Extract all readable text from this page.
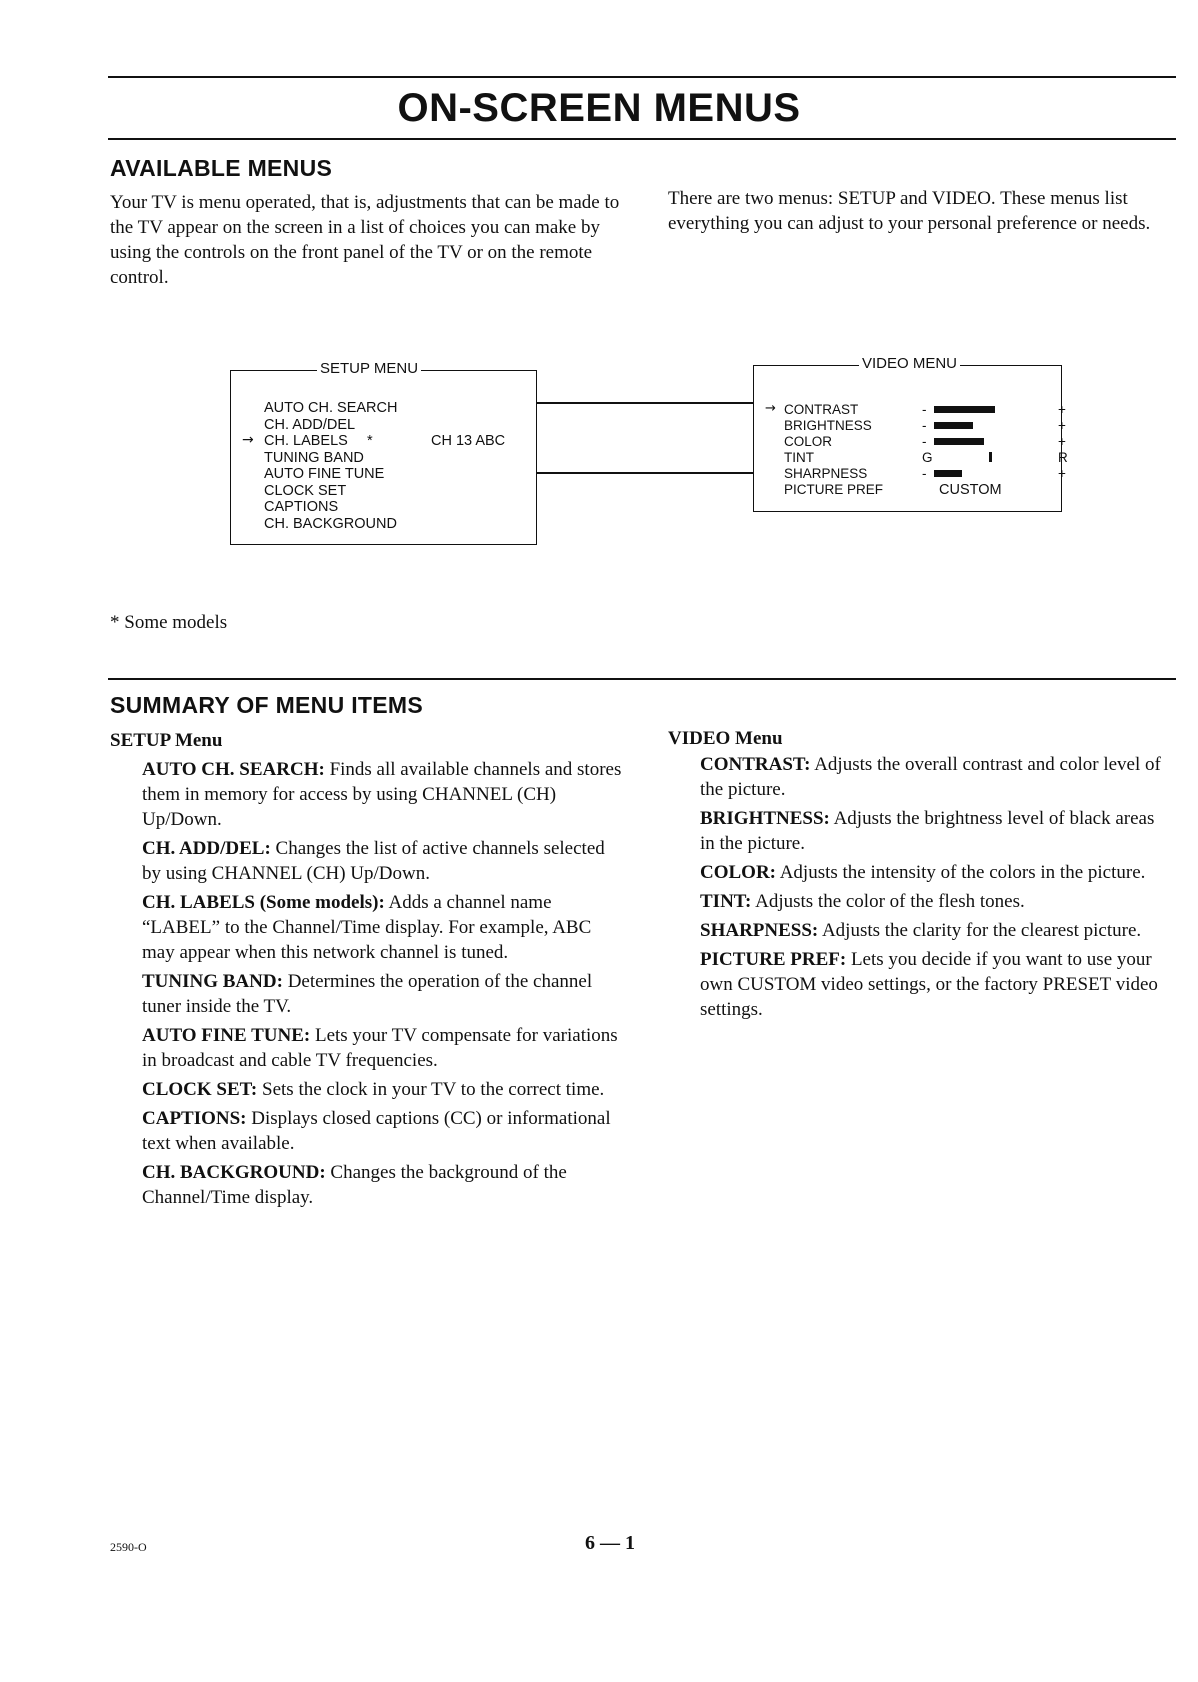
ON-SCREEN MENUS
AVAILABLE MENUS
Your TV is menu operated, that is, adjustments that can be made to the TV appear on the screen in a list of choices you can make by using the controls on the front panel of the TV or on the remote control.
There are two menus: SETUP and VIDEO. These menus list everything you can adjust to your personal preference or needs.
SETUP MENU
AUTO CH. SEARCH
CH. ADD/DEL
→ CH. LABELS *	CH 13 ABC
TUNING BAND
AUTO FINE TUNE
CLOCK SET
CAPTIONS
CH. BACKGROUND
VIDEO MENU
→ CONTRAST	-	+
BRIGHTNESS	-	+
COLOR	-	+
TINT	G	R
SHARPNESS	-	+
PICTURE PREF	CUSTOM
* Some models
SUMMARY OF MENU ITEMS
SETUP Menu

AUTO CH. SEARCH: Finds all available channels and stores them in memory for access by using CHANNEL (CH) Up/Down.

CH. ADD/DEL: Changes the list of active channels selected by using CHANNEL (CH) Up/Down.

CH. LABELS (Some models): Adds a channel name “LABEL” to the Channel/Time display. For example, ABC may appear when this network channel is tuned.

TUNING BAND: Determines the operation of the channel tuner inside the TV.

AUTO FINE TUNE: Lets your TV compensate for variations in broadcast and cable TV frequencies.

CLOCK SET: Sets the clock in your TV to the correct time.

CAPTIONS: Displays closed captions (CC) or informational text when available.

CH. BACKGROUND: Changes the background of the Channel/Time display.

VIDEO Menu

CONTRAST: Adjusts the overall contrast and color level of the picture.

BRIGHTNESS: Adjusts the brightness level of black areas in the picture.

COLOR: Adjusts the intensity of the colors in the picture.

TINT: Adjusts the color of the flesh tones.

SHARPNESS: Adjusts the clarity for the clearest picture.

PICTURE PREF: Lets you decide if you want to use your own CUSTOM video settings, or the factory PRESET video settings.

2590-O	6 — 1
